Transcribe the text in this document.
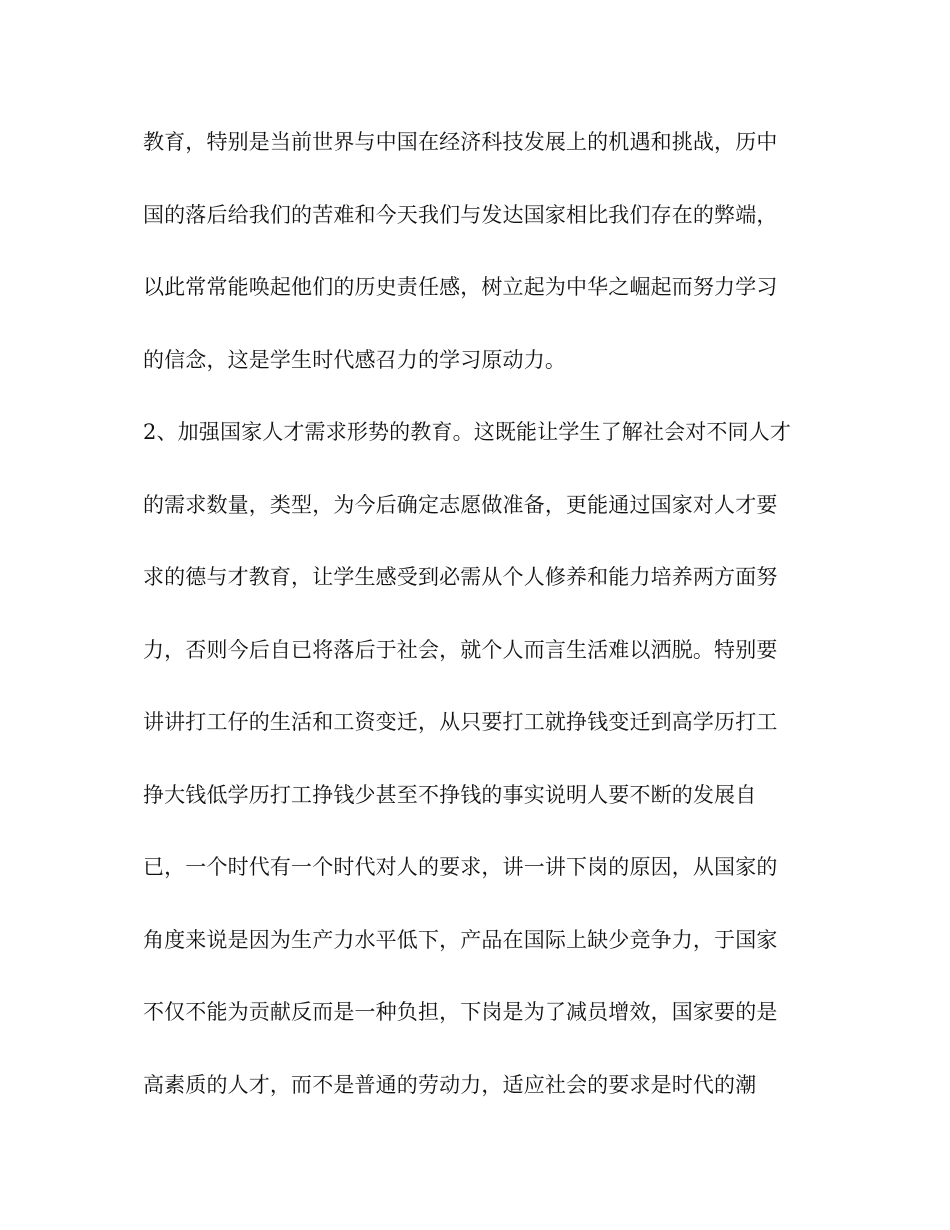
教育，特别是当前世界与中国在经济科技发展上的机遇和挑战，历中
国的落后给我们的苦难和今天我们与发达国家相比我们存在的弊端，
以此常常能唤起他们的历史责任感，树立起为中华之崛起而努力学习
的信念，这是学生时代感召力的学习原动力。
2、加强国家人才需求形势的教育。这既能让学生了解社会对不同人才
的需求数量，类型，为今后确定志愿做准备，更能通过国家对人才要
求的德与才教育，让学生感受到必需从个人修养和能力培养两方面努
力，否则今后自已将落后于社会，就个人而言生活难以洒脱。特别要
讲讲打工仔的生活和工资变迁，从只要打工就挣钱变迁到高学历打工
挣大钱低学历打工挣钱少甚至不挣钱的事实说明人要不断的发展自
已，一个时代有一个时代对人的要求，讲一讲下岗的原因，从国家的
角度来说是因为生产力水平低下，产品在国际上缺少竞争力，于国家
不仅不能为贡献反而是一种负担，下岗是为了减员增效，国家要的是
高素质的人才，而不是普通的劳动力，适应社会的要求是时代的潮
